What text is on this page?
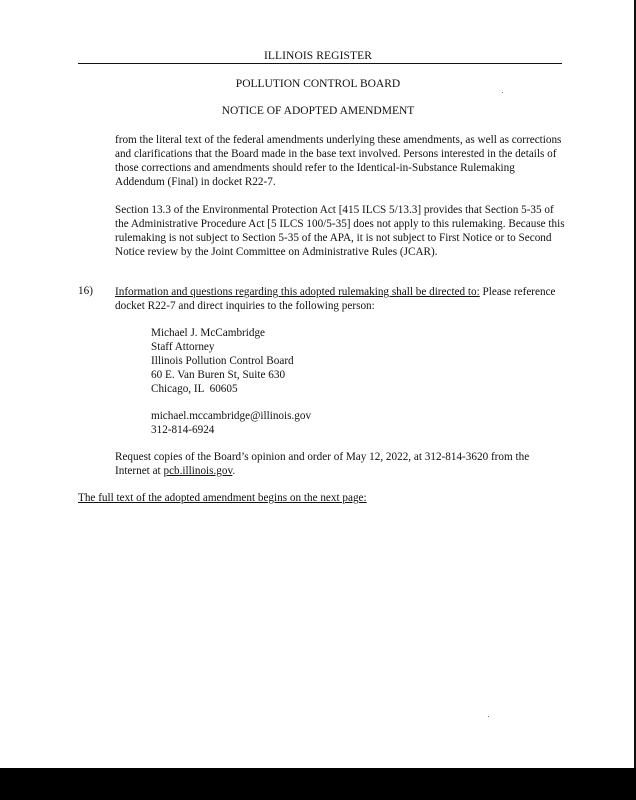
ILLINOIS REGISTER
POLLUTION CONTROL BOARD
NOTICE OF ADOPTED AMENDMENT
from the literal text of the federal amendments underlying these amendments, as well as corrections and clarifications that the Board made in the base text involved. Persons interested in the details of those corrections and amendments should refer to the Identical-in-Substance Rulemaking Addendum (Final) in docket R22-7.
Section 13.3 of the Environmental Protection Act [415 ILCS 5/13.3] provides that Section 5-35 of the Administrative Procedure Act [5 ILCS 100/5-35] does not apply to this rulemaking. Because this rulemaking is not subject to Section 5-35 of the APA, it is not subject to First Notice or to Second Notice review by the Joint Committee on Administrative Rules (JCAR).
16) Information and questions regarding this adopted rulemaking shall be directed to: Please reference docket R22-7 and direct inquiries to the following person:
Michael J. McCambridge
Staff Attorney
Illinois Pollution Control Board
60 E. Van Buren St, Suite 630
Chicago, IL  60605
michael.mccambridge@illinois.gov
312-814-6924
Request copies of the Board’s opinion and order of May 12, 2022, at 312-814-3620 from the Internet at pcb.illinois.gov.
The full text of the adopted amendment begins on the next page:
